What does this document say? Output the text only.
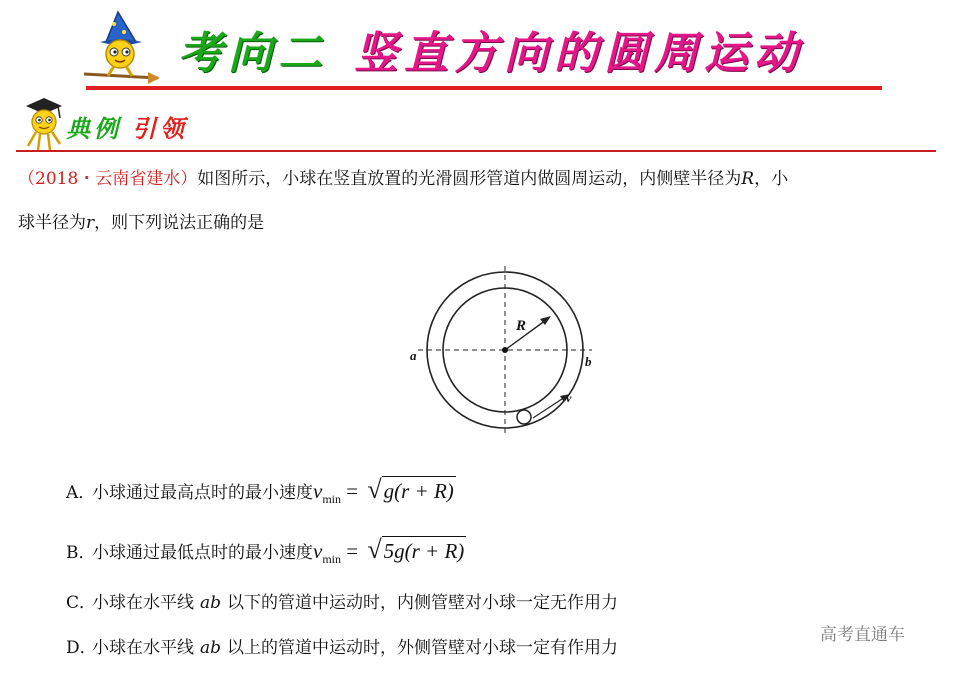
考向二 竖直方向的圆周运动
典例 引领
（2018・云南省建水）如图所示，小球在竖直放置的光滑圆形管道内做圆周运动，内侧壁半径为R，小
球半径为r，则下列说法正确的是
R
a	b
v
A．小球通过最高点时的最小速度$v_{min} = √g(r + R)$
B．小球通过最低点时的最小速度$v_{min} = √5g(r + R)$
C．小球在水平线 ab 以下的管道中运动时，内侧管壁对小球一定无作用力
D．小球在水平线 ab 以上的管道中运动时，外侧管壁对小球一定有作用力
高考直通车
